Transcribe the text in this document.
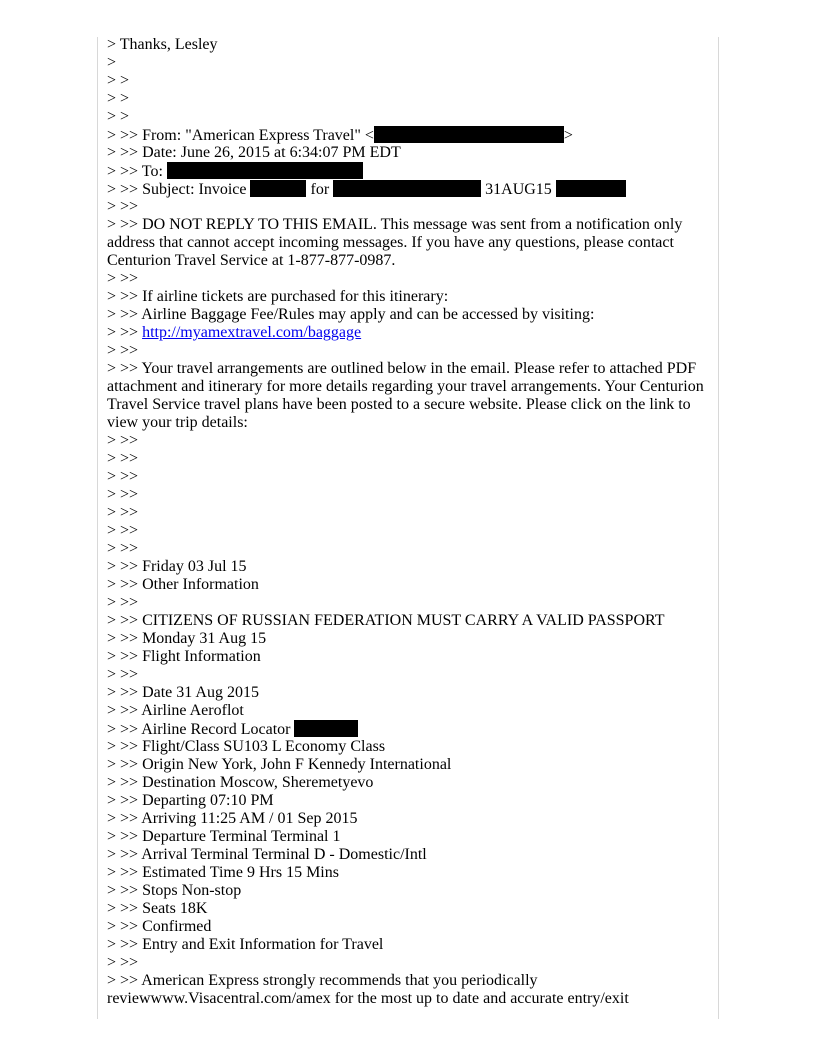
> Thanks, Lesley
>
> >
> >
> >
> >> From: "American Express Travel" <	>
> >> Date: June 26, 2015 at 6:34:07 PM EDT
> >> To:
> >> Subject: Invoice	for	31AUG15
> >>
> >> DO NOT REPLY TO THIS EMAIL. This message was sent from a notification only address that cannot accept incoming messages. If you have any questions, please contact Centurion Travel Service at 1-877-877-0987.
> >>
> >> If airline tickets are purchased for this itinerary:
> >> Airline Baggage Fee/Rules may apply and can be accessed by visiting:
> >> http://myamextravel.com/baggage
> >>
> >> Your travel arrangements are outlined below in the email. Please refer to attached PDF attachment and itinerary for more details regarding your travel arrangements. Your Centurion Travel Service travel plans have been posted to a secure website. Please click on the link to view your trip details:
> >>
> >>
> >>
> >>
> >>
> >>
> >>
> >> Friday 03 Jul 15
> >> Other Information
> >>
> >> CITIZENS OF RUSSIAN FEDERATION MUST CARRY A VALID PASSPORT
> >> Monday 31 Aug 15
> >> Flight Information
> >>
> >> Date 31 Aug 2015
> >> Airline Aeroflot
> >> Airline Record Locator
> >> Flight/Class SU103 L Economy Class
> >> Origin New York, John F Kennedy International
> >> Destination Moscow, Sheremetyevo
> >> Departing 07:10 PM
> >> Arriving 11:25 AM / 01 Sep 2015
> >> Departure Terminal Terminal 1
> >> Arrival Terminal Terminal D - Domestic/Intl
> >> Estimated Time 9 Hrs 15 Mins
> >> Stops Non-stop
> >> Seats 18K
> >> Confirmed
> >> Entry and Exit Information for Travel
> >>
> >> American Express strongly recommends that you periodically reviewwww.Visacentral.com/amex for the most up to date and accurate entry/exit
